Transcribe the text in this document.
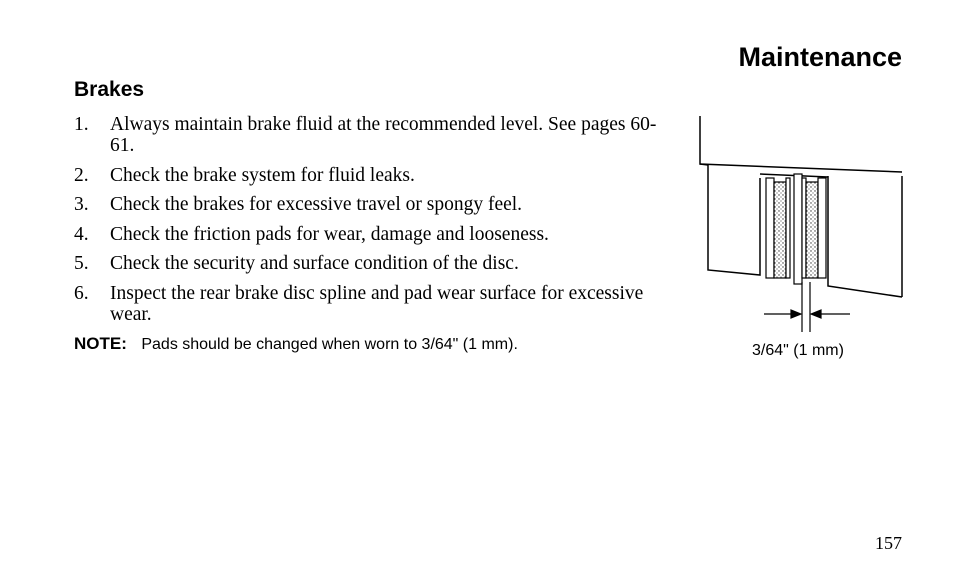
Maintenance
Brakes
1.	Always maintain brake fluid at the recommended level. See pages 60-61.
2.	Check the brake system for fluid leaks.
3.	Check the brakes for excessive travel or spongy feel.
4.	Check the friction pads for wear, damage and looseness.
5.	Check the security and surface condition of the disc.
6.	Inspect the rear brake disc spline and pad wear surface for excessive wear.
NOTE: Pads should be changed when worn to 3/64" (1 mm).	3/64" (1 mm)
157
